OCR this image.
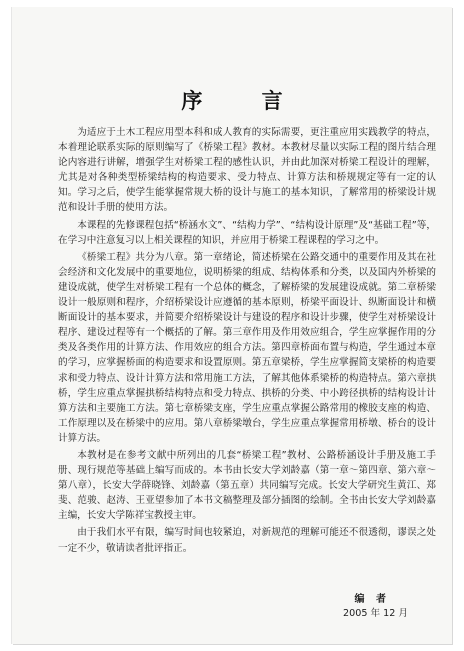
序 言

为适应于土木工程应用型本科和成人教育的实际需要，更注重应用实践教学的特点，本着理论联系实际的原则编写了《桥梁工程》教材。本教材尽量以实际工程的图片结合理论内容进行讲解，增强学生对桥梁工程的感性认识，并由此加深对桥梁工程设计的理解，尤其是对各种类型桥梁结构的构造要求、受力特点、计算方法和桥规规定等有一定的认知。学习之后，使学生能掌握常规大桥的设计与施工的基本知识，了解常用的桥梁设计规范和设计手册的使用方法。

本课程的先修课程包括“桥涵水文”、“结构力学”、“结构设计原理”及“基础工程”等，在学习中注意复习以上相关课程的知识，并应用于桥梁工程课程的学习之中。

《桥梁工程》共分为八章。第一章绪论，简述桥梁在公路交通中的重要作用及其在社会经济和文化发展中的重要地位，说明桥梁的组成、结构体系和分类，以及国内外桥梁的建设成就，使学生对桥梁工程有一个总体的概念，了解桥梁的发展建设成就。第二章桥梁设计一般原则和程序，介绍桥梁设计应遵循的基本原则，桥梁平面设计、纵断面设计和横断面设计的基本要求，并简要介绍桥梁设计与建设的程序和设计步骤，使学生对桥梁设计程序、建设过程等有一个概括的了解。第三章作用及作用效应组合，学生应掌握作用的分类及各类作用的计算方法、作用效应的组合方法。第四章桥面布置与构造，学生通过本章的学习，应掌握桥面的构造要求和设置原则。第五章梁桥，学生应掌握简支梁桥的构造要求和受力特点、设计计算方法和常用施工方法，了解其他体系梁桥的构造特点。第六章拱桥，学生应重点掌握拱桥结构特点和受力特点、拱桥的分类、中小跨径拱桥的结构设计计算方法和主要施工方法。第七章桥梁支座，学生应重点掌握公路常用的橡胶支座的构造、工作原理以及在桥梁中的应用。第八章桥梁墩台，学生应重点掌握常用桥墩、桥台的设计计算方法。

本教材是在参考文献中所列出的几套“桥梁工程”教材、公路桥涵设计手册及施工手册、现行规范等基础上编写而成的。本书由长安大学刘龄嘉（第一章～第四章、第六章～第八章），长安大学薛晓锋、刘龄嘉（第五章）共同编写完成。长安大学研究生黄江、郑斐、范骏、赵涛、王亚望参加了本书文稿整理及部分插图的绘制。全书由长安大学刘龄嘉主编，长安大学陈祥宝教授主审。

由于我们水平有限，编写时间也较紧迫，对新规范的理解可能还不很透彻，谬误之处一定不少，敬请读者批评指正。

编 者
2005 年 12 月
